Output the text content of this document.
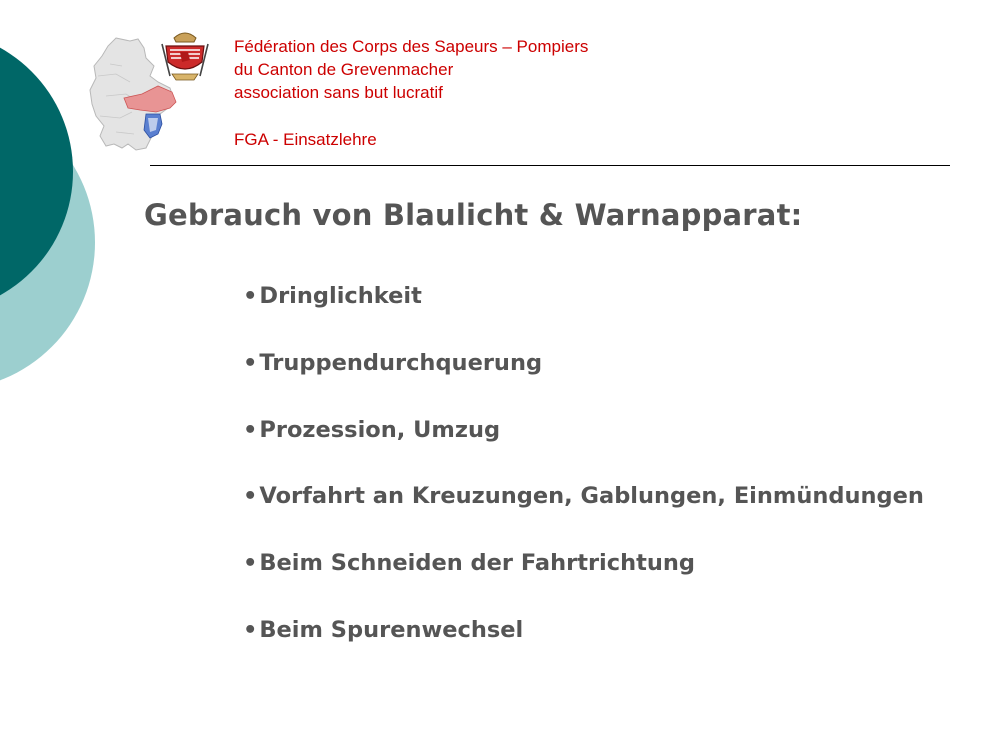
Fédération des Corps des Sapeurs – Pompiers
du Canton de Grevenmacher
association sans but lucratif
FGA - Einsatzlehre
Gebrauch von Blaulicht & Warnapparat:
•Dringlichkeit
•Truppendurchquerung
•Prozession, Umzug
•Vorfahrt an Kreuzungen, Gablungen, Einmündungen
•Beim Schneiden der Fahrtrichtung
•Beim Spurenwechsel
